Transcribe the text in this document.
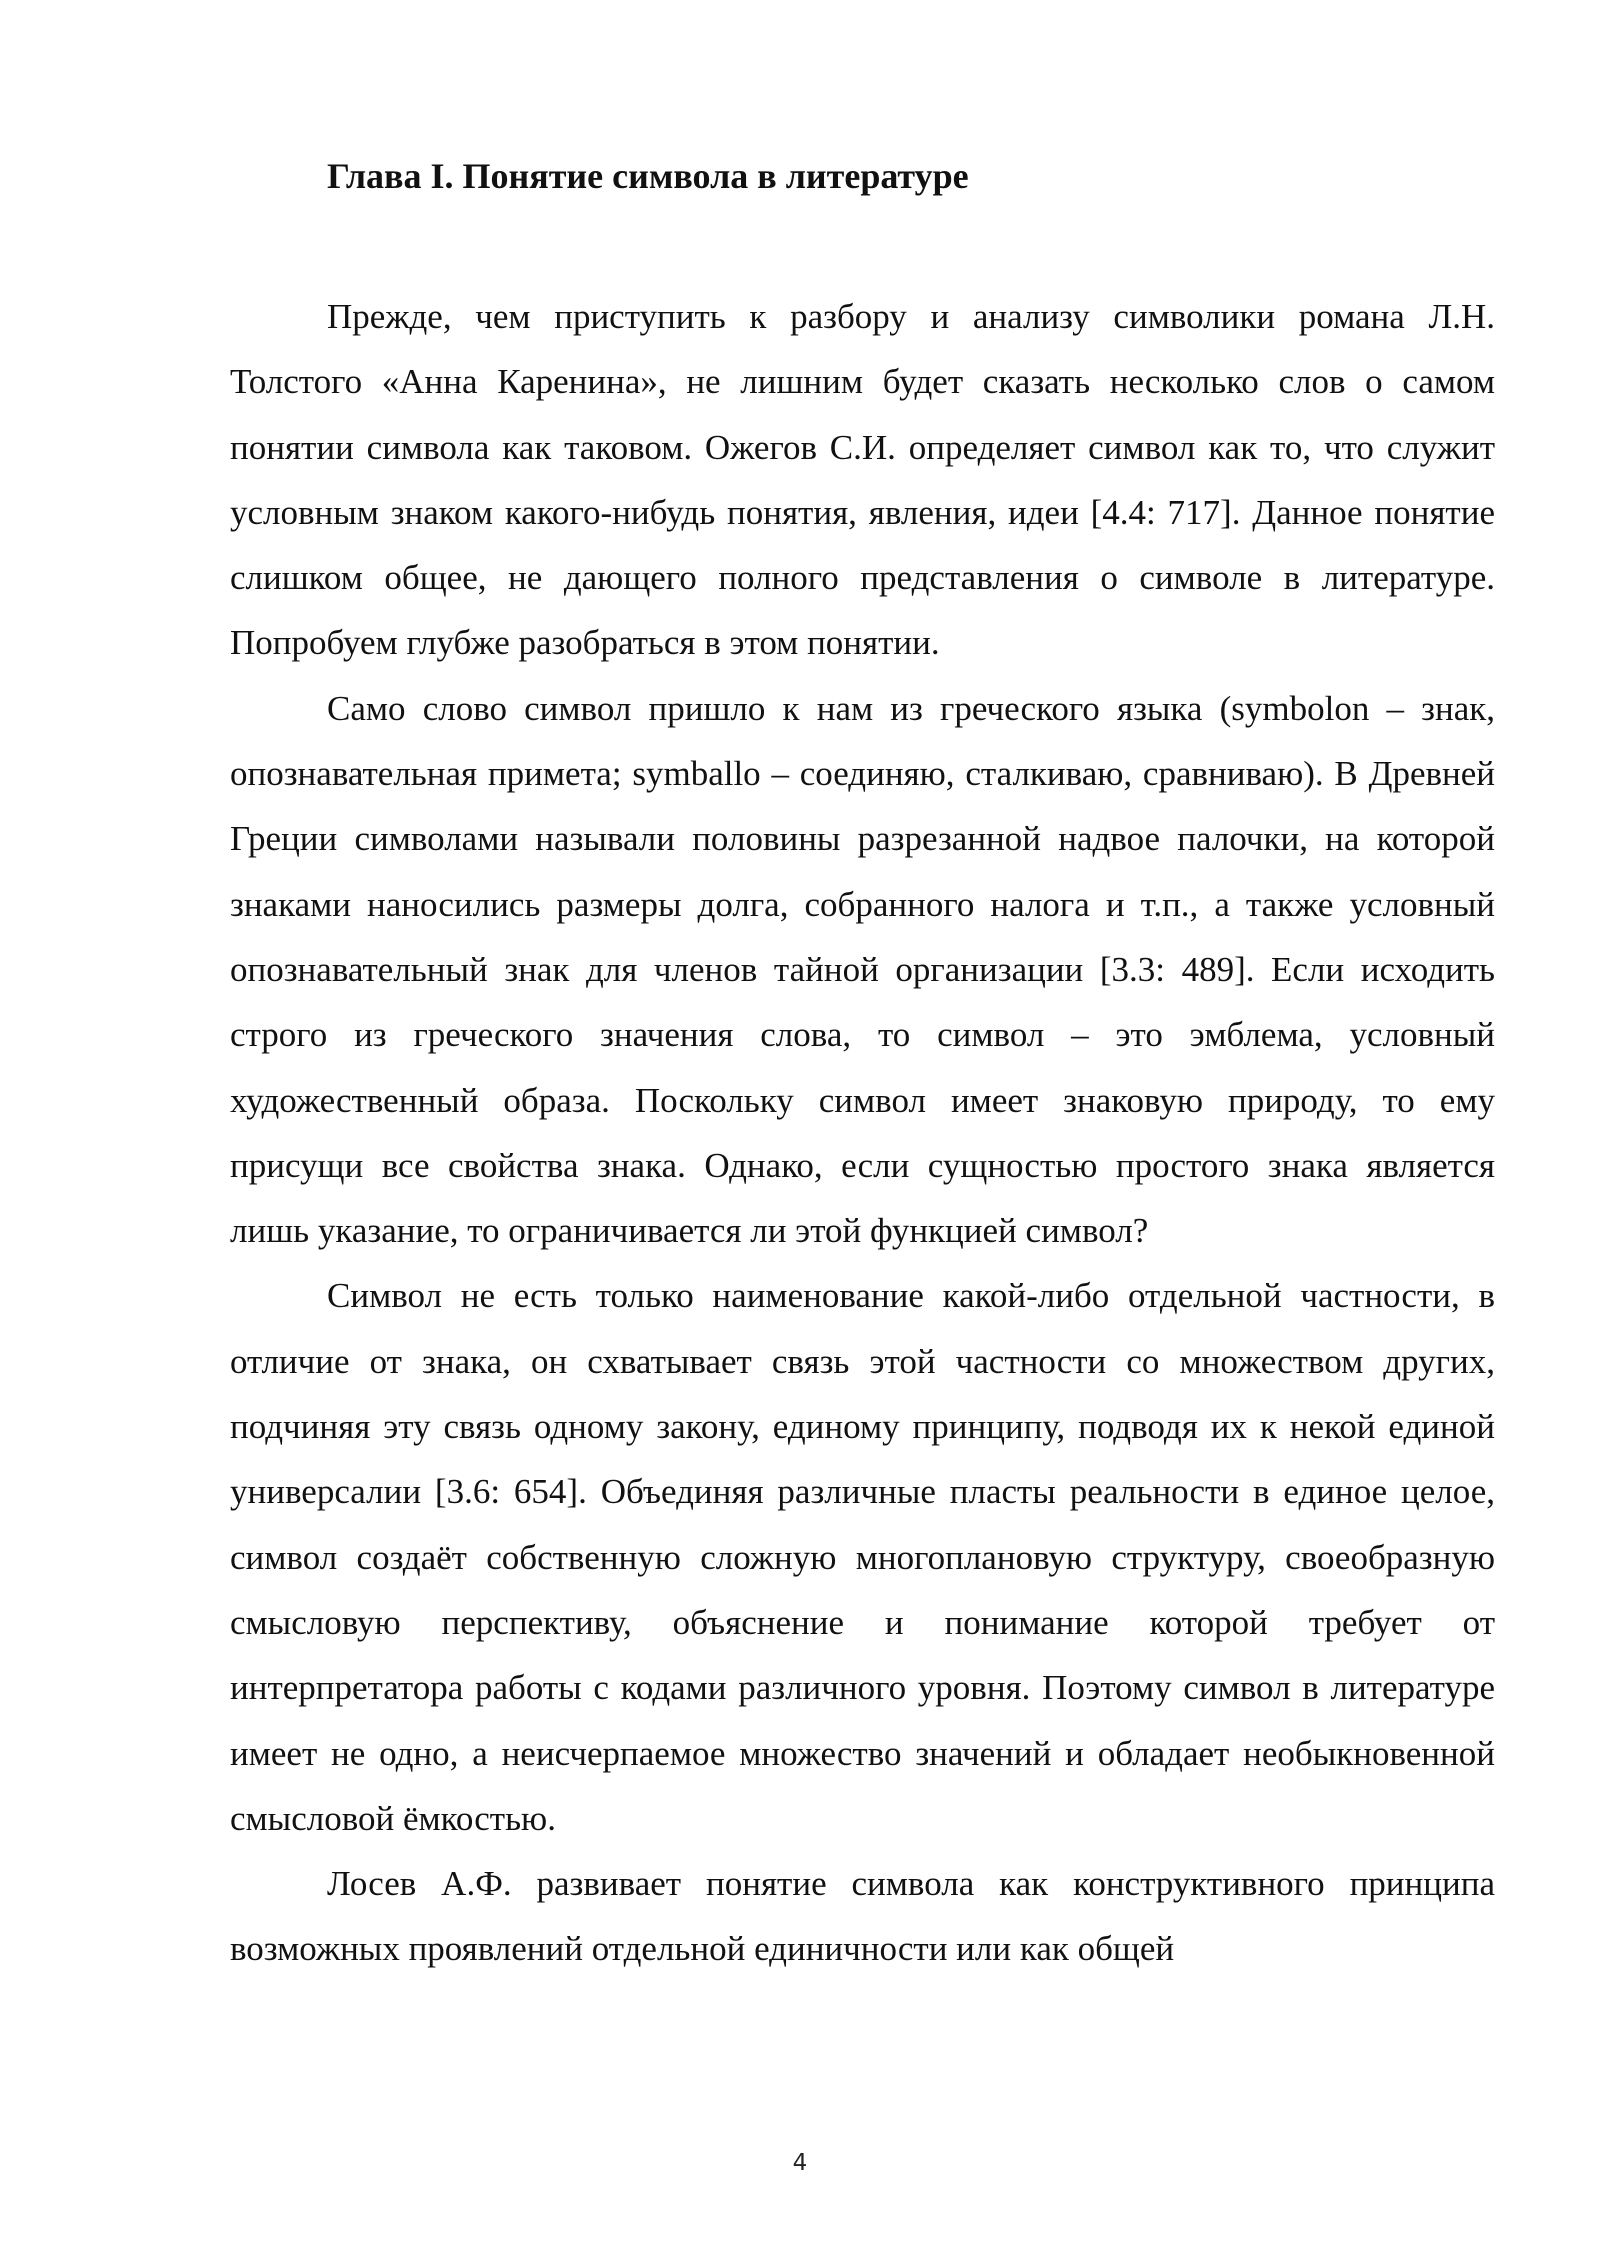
Глава I. Понятие символа в литературе

Прежде, чем приступить к разбору и анализу символики романа Л.Н. Толстого «Анна Каренина», не лишним будет сказать несколько слов о самом понятии символа как таковом. Ожегов С.И. определяет символ как то, что служит условным знаком какого-нибудь понятия, явления, идеи [4.4: 717]. Данное понятие слишком общее, не дающего полного представления о символе в литературе. Попробуем глубже разобраться в этом понятии.

Само слово символ пришло к нам из греческого языка (symbolon – знак, опознавательная примета; symballo – соединяю, сталкиваю, сравниваю). В Древней Греции символами называли половины разрезанной надвое палочки, на которой знаками наносились размеры долга, собранного налога и т.п., а также условный опознавательный знак для членов тайной организации [3.3: 489]. Если исходить строго из греческого значения слова, то символ – это эмблема, условный художественный образа. Поскольку символ имеет знаковую природу, то ему присущи все свойства знака. Однако, если сущностью простого знака является лишь указание, то ограничивается ли этой функцией символ?

Символ не есть только наименование какой-либо отдельной частности, в отличие от знака, он схватывает связь этой частности со множеством других, подчиняя эту связь одному закону, единому принципу, подводя их к некой единой универсалии [3.6: 654]. Объединяя различные пласты реальности в единое целое, символ создаёт собственную сложную многоплановую структуру, своеобразную смысловую перспективу, объяснение и понимание которой требует от интерпретатора работы с кодами различного уровня. Поэтому символ в литературе имеет не одно, а неисчерпаемое множество значений и обладает необыкновенной смысловой ёмкостью.

Лосев А.Ф. развивает понятие символа как конструктивного принципа возможных проявлений отдельной единичности или как общей

4
